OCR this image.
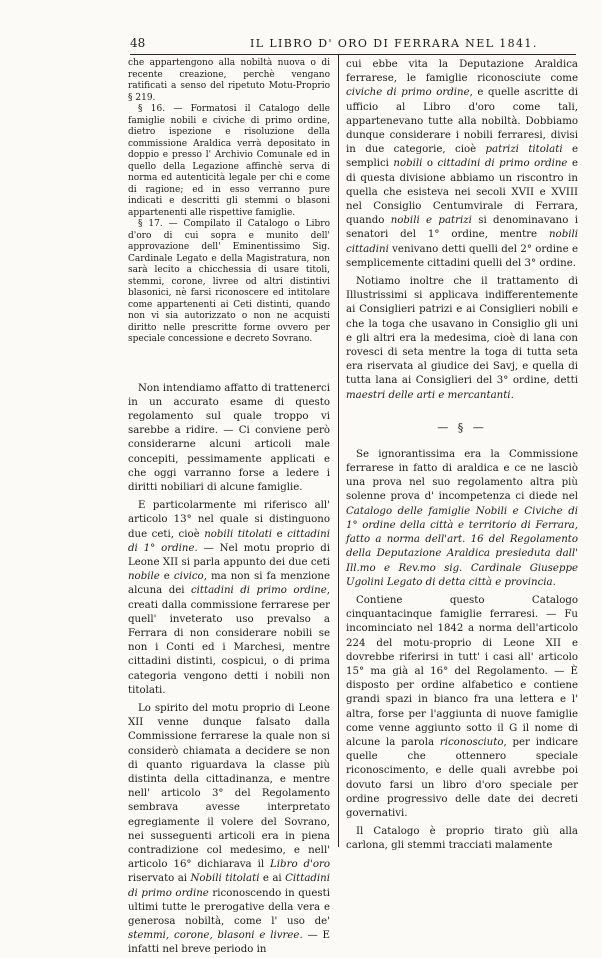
48	IL LIBRO D' ORO DI FERRARA NEL 1841.

che appartengono alla nobiltà nuova o di recente creazione, perchè vengano ratificati a senso del ripetuto Motu-Proprio § 219.

§ 16. — Formatosi il Catalogo delle famiglie nobili e civiche di primo ordine, dietro ispezione e risoluzione della commissione Araldica verrà depositato in doppio e presso l' Archivio Comunale ed in quello della Legazione affinchè serva di norma ed autenticità legale per chi e come di ragione; ed in esso verranno pure indicati e descritti gli stemmi o blasoni appartenenti alle rispettive famiglie.

§ 17. — Compilato il Catalogo o Libro d'oro di cui sopra e munito dell' approvazione dell' Eminentissimo Sig. Cardinale Legato e della Magistratura, non sarà lecito a chicchessia di usare titoli, stemmi, corone, livree od altri distintivi blasonici, nè farsi riconoscere ed intitolare come appartenenti ai Ceti distinti, quando non vi sia autorizzato o non ne acquisti diritto nelle prescritte forme ovvero per speciale concessione e decreto Sovrano.

Non intendiamo affatto di trattenerci in un accurato esame di questo regolamento sul quale troppo vi sarebbe a ridire. — Ci conviene però considerarne alcuni articoli male concepiti, pessimamente applicati e che oggi varranno forse a ledere i diritti nobiliari di alcune famiglie.

E particolarmente mi riferisco all' articolo 13° nel quale si distinguono due ceti, cioè nobili titolati e cittadini di 1° ordine. — Nel motu proprio di Leone XII si parla appunto dei due ceti nobile e civico, ma non si fa menzione alcuna dei cittadini di primo ordine, creati dalla commissione ferrarese per quell' inveterato uso prevalso a Ferrara di non considerare nobili se non i Conti ed i Marchesi, mentre cittadini distinti, cospicui, o di prima categoria vengono detti i nobili non titolati.

Lo spirito del motu proprio di Leone XII venne dunque falsato dalla Commissione ferrarese la quale non si considerò chiamata a decidere se non di quanto riguardava la classe più distinta della cittadinanza, e mentre nell' articolo 3° del Regolamento sembrava avesse interpretato egregiamente il volere del Sovrano, nei susseguenti articoli era in piena contradizione col medesimo, e nell' articolo 16° dichiarava il Libro d'oro riservato ai Nobili titolati e ai Cittadini di primo ordine riconoscendo in questi ultimi tutte le prerogative della vera e generosa nobiltà, come l' uso de' stemmi, corone, blasoni e livree. — E infatti nel breve periodo in

cui ebbe vita la Deputazione Araldica ferrarese, le famiglie riconosciute come civiche di primo ordine, e quelle ascritte di ufficio al Libro d'oro come tali, appartenevano tutte alla nobiltà. Dobbiamo dunque considerare i nobili ferraresi, divisi in due categorie, cioè patrizi titolati e semplici nobili o cittadini di primo ordine e di questa divisione abbiamo un riscontro in quella che esisteva nei secoli XVII e XVIII nel Consiglio Centumvirale di Ferrara, quando nobili e patrizi si denominavano i senatori del 1° ordine, mentre nobili cittadini venivano detti quelli del 2° ordine e semplicemente cittadini quelli del 3° ordine.

Notiamo inoltre che il trattamento di Illustrissimi si applicava indifferentemente ai Consiglieri patrizi e ai Consiglieri nobili e che la toga che usavano in Consiglio gli uni e gli altri era la medesima, cioè di lana con rovesci di seta mentre la toga di tutta seta era riservata al giudice dei Savj, e quella di tutta lana ai Consiglieri del 3° ordine, detti maestri delle arti e mercantanti.

— § —

Se ignorantissima era la Commissione ferrarese in fatto di araldica e ce ne lasciò una prova nel suo regolamento altra più solenne prova d' incompetenza ci diede nel Catalogo delle famiglie Nobili e Civiche di 1° ordine della città e territorio di Ferrara, fatto a norma dell'art. 16 del Regolamento della Deputazione Araldica presieduta dall' Ill.mo e Rev.mo sig. Cardinale Giuseppe Ugolini Legato di detta città e provincia.

Contiene questo Catalogo cinquantacinque famiglie ferraresi. — Fu incominciato nel 1842 a norma dell'articolo 224 del motu-proprio di Leone XII e dovrebbe riferirsi in tutt' i casi all' articolo 15° ma già al 16° del Regolamento. — È disposto per ordine alfabetico e contiene grandi spazi in bianco fra una lettera e l' altra, forse per l'aggiunta di nuove famiglie come venne aggiunto sotto il G il nome di alcune la parola riconosciuto, per indicare quelle che ottennero speciale riconoscimento, e delle quali avrebbe poi dovuto farsi un libro d'oro speciale per ordine progressivo delle date dei decreti governativi.

Il Catalogo è proprio tirato giù alla carlona, gli stemmi tracciati malamente
